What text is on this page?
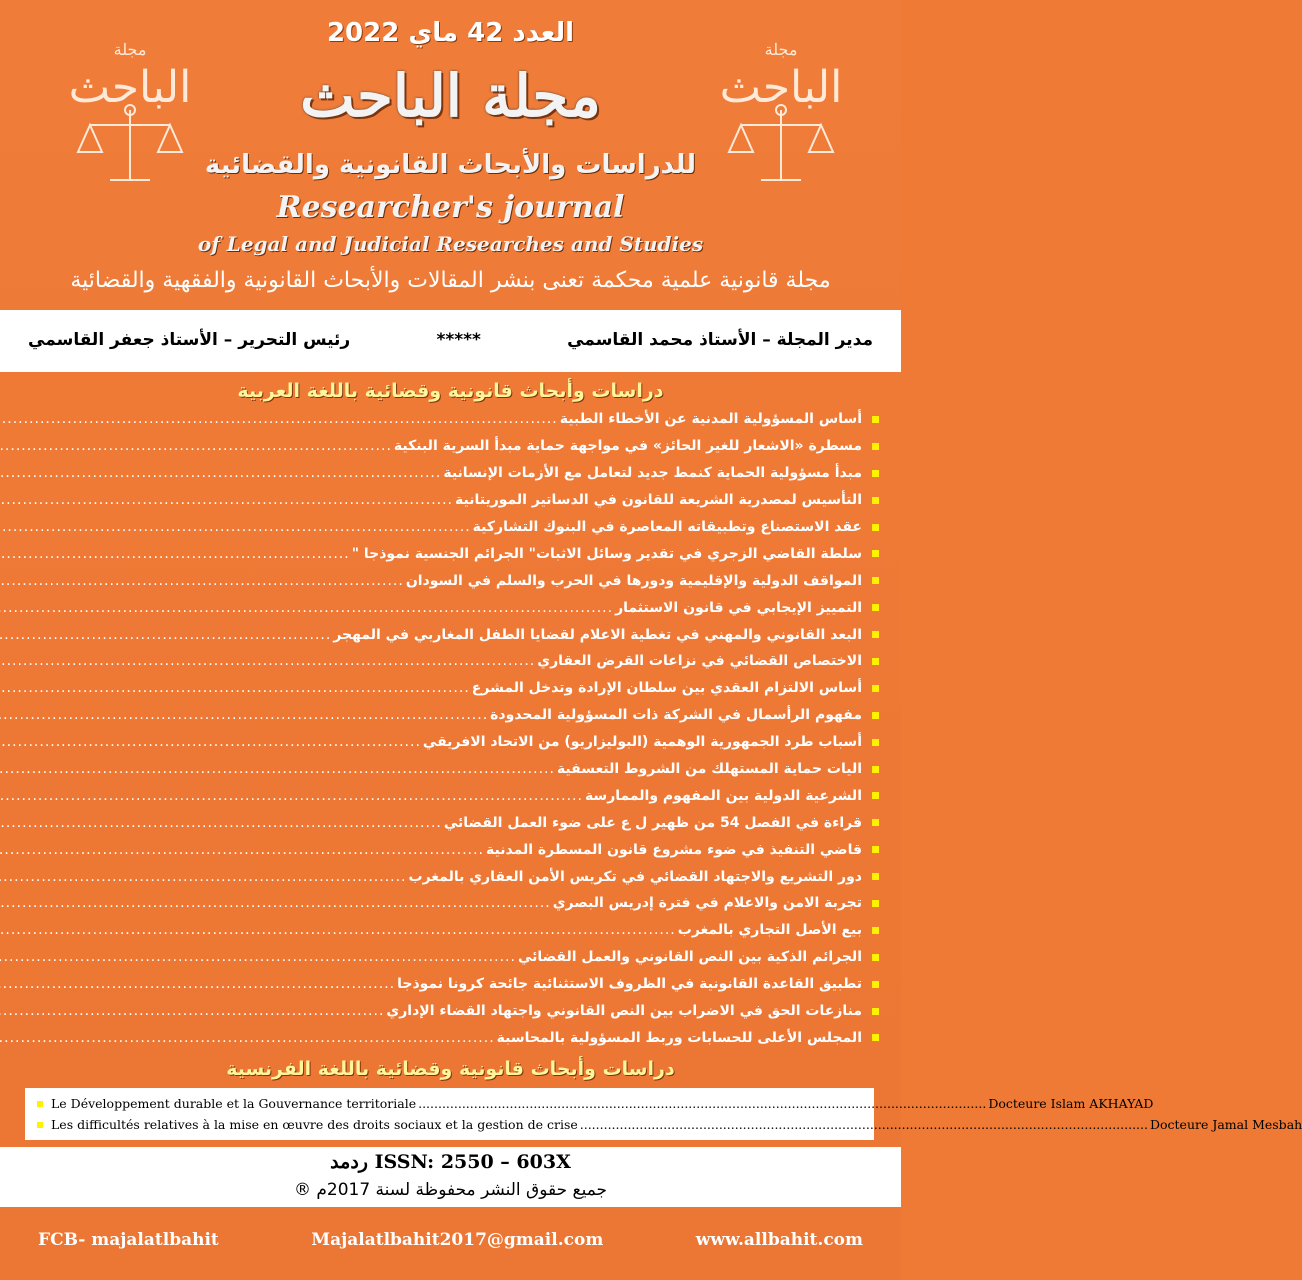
مجلة
الباحث
مجلة
الباحث
العدد 42 ماي 2022
مجلة الباحث
للدراسات والأبحاث القانونية والقضائية
Researcher's journal
of Legal and Judicial Researches and Studies
مجلة قانونية علمية محكمة تعنى بنشر المقالات والأبحاث القانونية والفقهية والقضائية
مدير المجلة – الأستاذ محمد القاسمي
*****
رئيس التحرير – الأستاذ جعفر القاسمي
دراسات وأبحاث قانونية وقضائية باللغة العربية
أساس المسؤولية المدنية عن الأخطاء الطبية
.....
مسطرة «الاشعار للغير الحائز» في مواجهة حماية مبدأ السرية البنكية
.....
مبدأ مسؤولية الحماية كنمط جديد لتعامل مع الأزمات الإنسانية
.....
التأسيس لمصدرية الشريعة للقانون في الدساتير الموريتانية
.....
عقد الاستصناع وتطبيقاته المعاصرة في البنوك التشاركية
.....
سلطة القاضي الزجري في تقدير وسائل الاثبات" الجرائم الجنسية نموذجا "
.....
المواقف الدولية والإقليمية ودورها في الحرب والسلم في السودان
.....
التمييز الإيجابي في قانون الاستثمار
.....
البعد القانوني والمهني في تغطية الاعلام لقضايا الطفل المغاربي في المهجر
.....
الاختصاص القضائي في نزاعات القرض العقاري
.....
أساس الالتزام العقدي بين سلطان الإرادة وتدخل المشرع
.....
مفهوم الرأسمال في الشركة ذات المسؤولية المحدودة
.....
أسباب طرد الجمهورية الوهمية (البوليزاريو) من الاتحاد الافريقي
.....
اليات حماية المستهلك من الشروط التعسفية
.....
الشرعية الدولية بين المفهوم والممارسة
.....
قراءة في الفصل 54 من ظهير ل ع على ضوء العمل القضائي
.....
قاضي التنفيذ في ضوء مشروع قانون المسطرة المدنية
.....
دور التشريع والاجتهاد القضائي في تكريس الأمن العقاري بالمغرب
.....
تجربة الامن والاعلام في فترة إدريس البصري
.....
بيع الأصل التجاري بالمغرب
.....
الجرائم الذكية بين النص القانوني والعمل القضائي
.....
تطبيق القاعدة القانونية في الظروف الاستثنائية جائحة كرونا نموذجا
.....
منازعات الحق في الاضراب بين النص القانوني واجتهاد القضاء الإداري
.....
المجلس الأعلى للحسابات وربط المسؤولية بالمحاسبة
.....
دراسات وأبحاث قانونية وقضائية باللغة الفرنسية
Le Développement durable et la Gouvernance territoriale .....	Docteure Islam AKHAYAD
Les difficultés relatives à la mise en œuvre des droits sociaux et la gestion de crise .....	Docteure Jamal Mesbah
ردمد ISSN: 2550 – 603X
جميع حقوق النشر محفوظة لسنة 2017م ®
FCB- majalatlbahit	Majalatlbahit2017@gmail.com	www.allbahit.com
